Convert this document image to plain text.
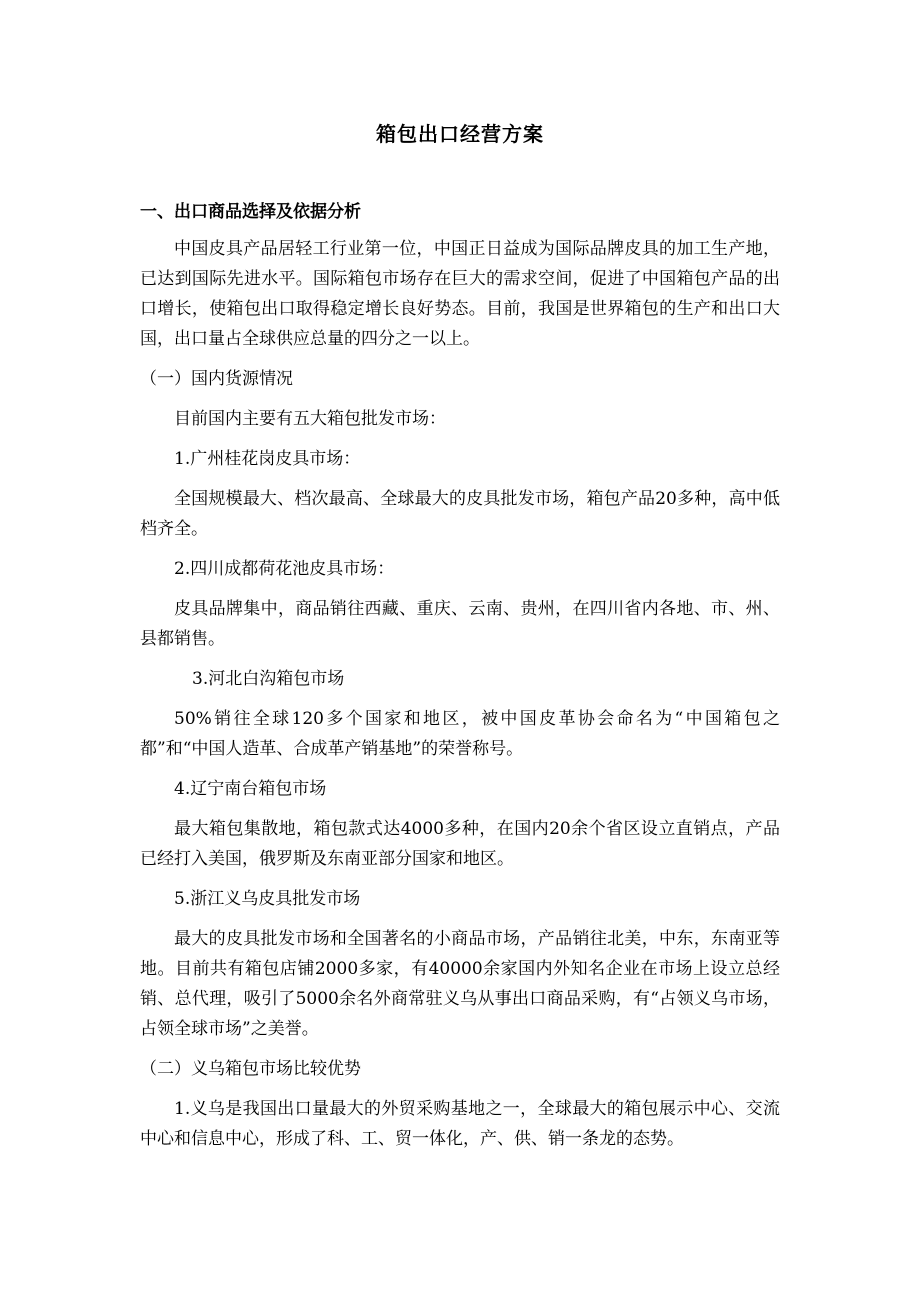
箱包出口经营方案
一、出口商品选择及依据分析

中国皮具产品居轻工行业第一位，中国正日益成为国际品牌皮具的加工生产地，已达到国际先进水平。国际箱包市场存在巨大的需求空间，促进了中国箱包产品的出口增长，使箱包出口取得稳定增长良好势态。目前，我国是世界箱包的生产和出口大国，出口量占全球供应总量的四分之一以上。

（一）国内货源情况

目前国内主要有五大箱包批发市场：

1.广州桂花岗皮具市场：

全国规模最大、档次最高、全球最大的皮具批发市场，箱包产品20多种，高中低档齐全。

2.四川成都荷花池皮具市场：

皮具品牌集中，商品销往西藏、重庆、云南、贵州，在四川省内各地、市、州、县都销售。

3.河北白沟箱包市场

50%销往全球120多个国家和地区，被中国皮革协会命名为“中国箱包之都”和“中国人造革、合成革产销基地”的荣誉称号。

4.辽宁南台箱包市场

最大箱包集散地，箱包款式达4000多种，在国内20余个省区设立直销点，产品已经打入美国，俄罗斯及东南亚部分国家和地区。

5.浙江义乌皮具批发市场

最大的皮具批发市场和全国著名的小商品市场，产品销往北美，中东，东南亚等地。目前共有箱包店铺2000多家，有40000余家国内外知名企业在市场上设立总经销、总代理，吸引了5000余名外商常驻义乌从事出口商品采购，有“占领义乌市场，占领全球市场”之美誉。

（二）义乌箱包市场比较优势

1.义乌是我国出口量最大的外贸采购基地之一，全球最大的箱包展示中心、交流中心和信息中心，形成了科、工、贸一体化，产、供、销一条龙的态势。
